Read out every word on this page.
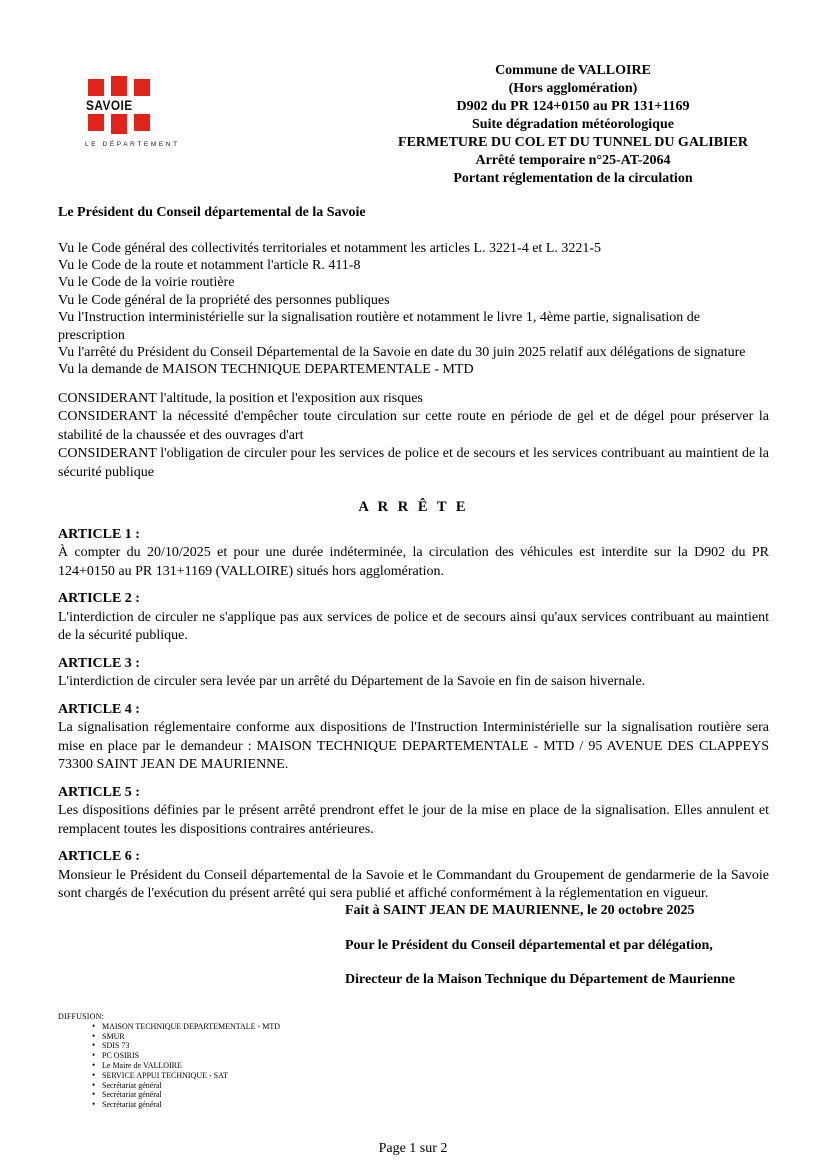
SAVOIE
LE DÉPARTEMENT
Commune de VALLOIRE
(Hors agglomération)
D902 du PR 124+0150 au PR 131+1169
Suite dégradation météorologique
FERMETURE DU COL ET DU TUNNEL DU GALIBIER
Arrêté temporaire n°25-AT-2064
Portant réglementation de la circulation
Le Président du Conseil départemental de la Savoie
Vu le Code général des collectivités territoriales et notamment les articles L. 3221-4 et L. 3221-5
Vu le Code de la route et notamment l'article R. 411-8
Vu le Code de la voirie routière
Vu le Code général de la propriété des personnes publiques
Vu l'Instruction interministérielle sur la signalisation routière et notamment le livre 1, 4ème partie, signalisation de prescription
Vu l'arrêté du Président du Conseil Départemental de la Savoie en date du 30 juin 2025 relatif aux délégations de signature
Vu la demande de MAISON TECHNIQUE DEPARTEMENTALE - MTD

CONSIDERANT l'altitude, la position et l'exposition aux risques

CONSIDERANT la nécessité d'empêcher toute circulation sur cette route en période de gel et de dégel pour préserver la stabilité de la chaussée et des ouvrages d'art

CONSIDERANT l'obligation de circuler pour les services de police et de secours et les services contribuant au maintient de la sécurité publique

A R R Ê T E
ARTICLE 1 :
À compter du 20/10/2025 et pour une durée indéterminée, la circulation des véhicules est interdite sur la D902 du PR 124+0150 au PR 131+1169 (VALLOIRE) situés hors agglomération.
ARTICLE 2 :
L'interdiction de circuler ne s'applique pas aux services de police et de secours ainsi qu'aux services contribuant au maintient de la sécurité publique.
ARTICLE 3 :
L'interdiction de circuler sera levée par un arrêté du Département de la Savoie en fin de saison hivernale.
ARTICLE 4 :
La signalisation réglementaire conforme aux dispositions de l'Instruction Interministérielle sur la signalisation routière sera mise en place par le demandeur : MAISON TECHNIQUE DEPARTEMENTALE - MTD / 95 AVENUE DES CLAPPEYS 73300 SAINT JEAN DE MAURIENNE.
ARTICLE 5 :
Les dispositions définies par le présent arrêté prendront effet le jour de la mise en place de la signalisation. Elles annulent et remplacent toutes les dispositions contraires antérieures.
ARTICLE 6 :
Monsieur le Président du Conseil départemental de la Savoie et le Commandant du Groupement de gendarmerie de la Savoie sont chargés de l'exécution du présent arrêté qui sera publié et affiché conformément à la réglementation en vigueur.
Fait à SAINT JEAN DE MAURIENNE, le 20 octobre 2025
Pour le Président du Conseil départemental et par délégation,
Directeur de la Maison Technique du Département de Maurienne
DIFFUSION:
• MAISON TECHNIQUE DEPARTEMENTALE - MTD
• SMUR
• SDIS 73
• PC OSIRIS
• Le Maire de VALLOIRE
• SERVICE APPUI TECHNIQUE - SAT
• Secrétariat général
• Secrétariat général
• Secrétariat général
Page 1 sur 2
